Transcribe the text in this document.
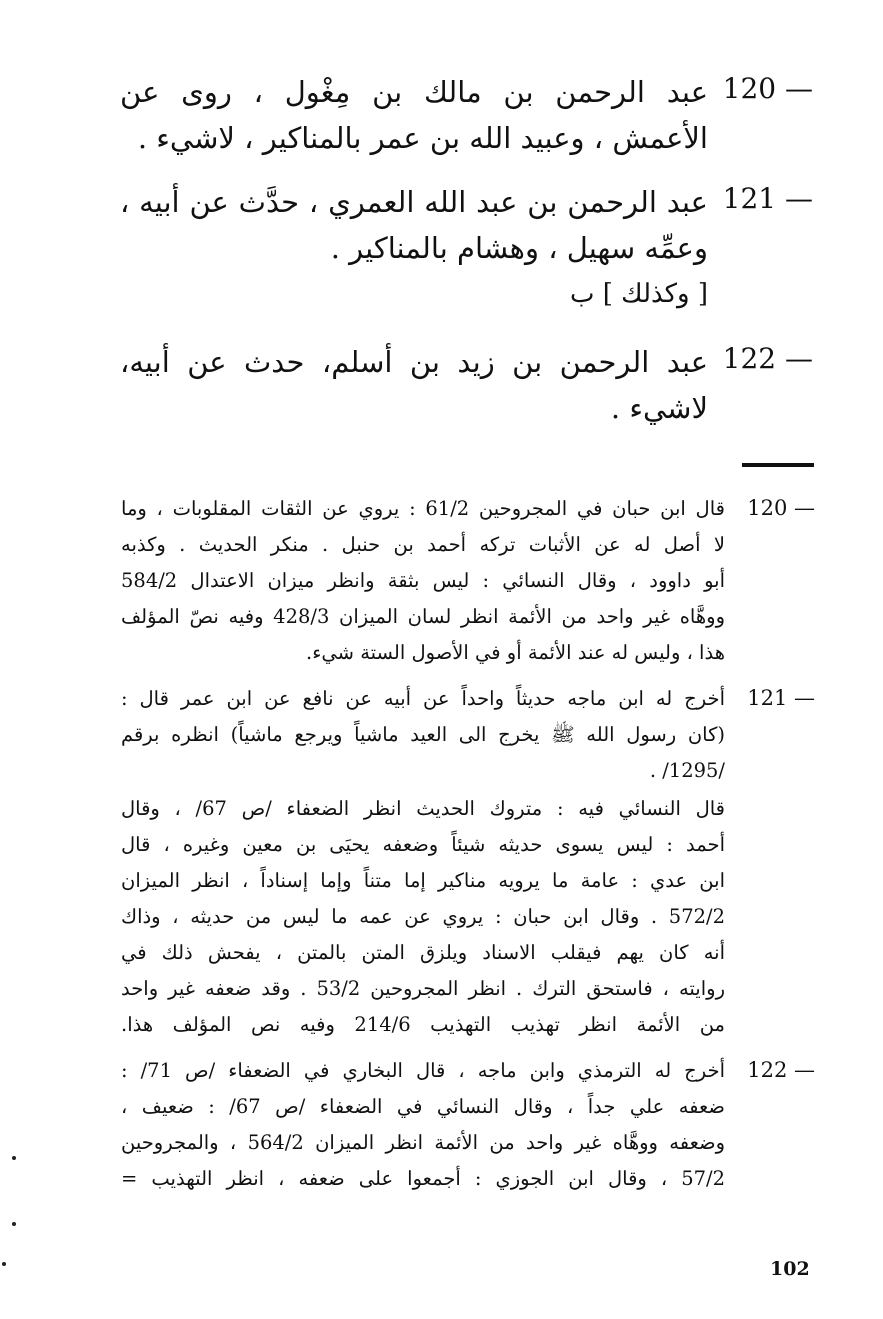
120 —
عبد الرحمن بن مالك بن مِغْول ، روى عن
الأعمش ، وعبيد الله بن عمر بالمناكير ، لاشيء .
121 —
عبد الرحمن بن عبد الله العمري ، حدَّث عن أبيه ،
وعمِّه سهيل ، وهشام بالمناكير .
[ وكذلك ] ب
122 —
عبد الرحمن بن زيد بن أسلم، حدث عن أبيه،
لاشيء .
120 —
قال ابن حبان في المجروحين 61/2 : يروي عن الثقات المقلوبات ، وما
لا أصل له عن الأثبات تركه أحمد بن حنبل . منكر الحديث . وكذبه
أبو داوود ، وقال النسائي : ليس بثقة وانظر ميزان الاعتدال 584/2
ووهَّاه غير واحد من الأئمة انظر لسان الميزان 428/3 وفيه نصّ المؤلف
هذا ، وليس له عند الأئمة أو في الأصول الستة شيء.
121 —
أخرج له ابن ماجه حديثاً واحداً عن أبيه عن نافع عن ابن عمر قال :
(كان رسول الله ﷺ يخرج الى العيد ماشياً ويرجع ماشياً) انظره برقم
/1295/ .
قال النسائي فيه : متروك الحديث انظر الضعفاء /ص 67/ ، وقال
أحمد : ليس يسوى حديثه شيئاً وضعفه يحيَى بن معين وغيره ، قال
ابن عدي : عامة ما يرويه مناكير إما متناً وإما إسناداً ، انظر الميزان
572/2 . وقال ابن حبان : يروي عن عمه ما ليس من حديثه ، وذاك
أنه كان يهم فيقلب الاسناد ويلزق المتن بالمتن ، يفحش ذلك في
روايته ، فاستحق الترك . انظر المجروحين 53/2 . وقد ضعفه غير واحد
من الأئمة انظر تهذيب التهذيب 214/6 وفيه نص المؤلف هذا.
122 —
أخرج له الترمذي وابن ماجه ، قال البخاري في الضعفاء /ص 71/ :
ضعفه علي جداً ، وقال النسائي في الضعفاء /ص 67/ : ضعيف ،
وضعفه ووهَّاه غير واحد من الأئمة انظر الميزان 564/2 ، والمجروحين
57/2 ، وقال ابن الجوزي : أجمعوا على ضعفه ، انظر التهذيب =
102
